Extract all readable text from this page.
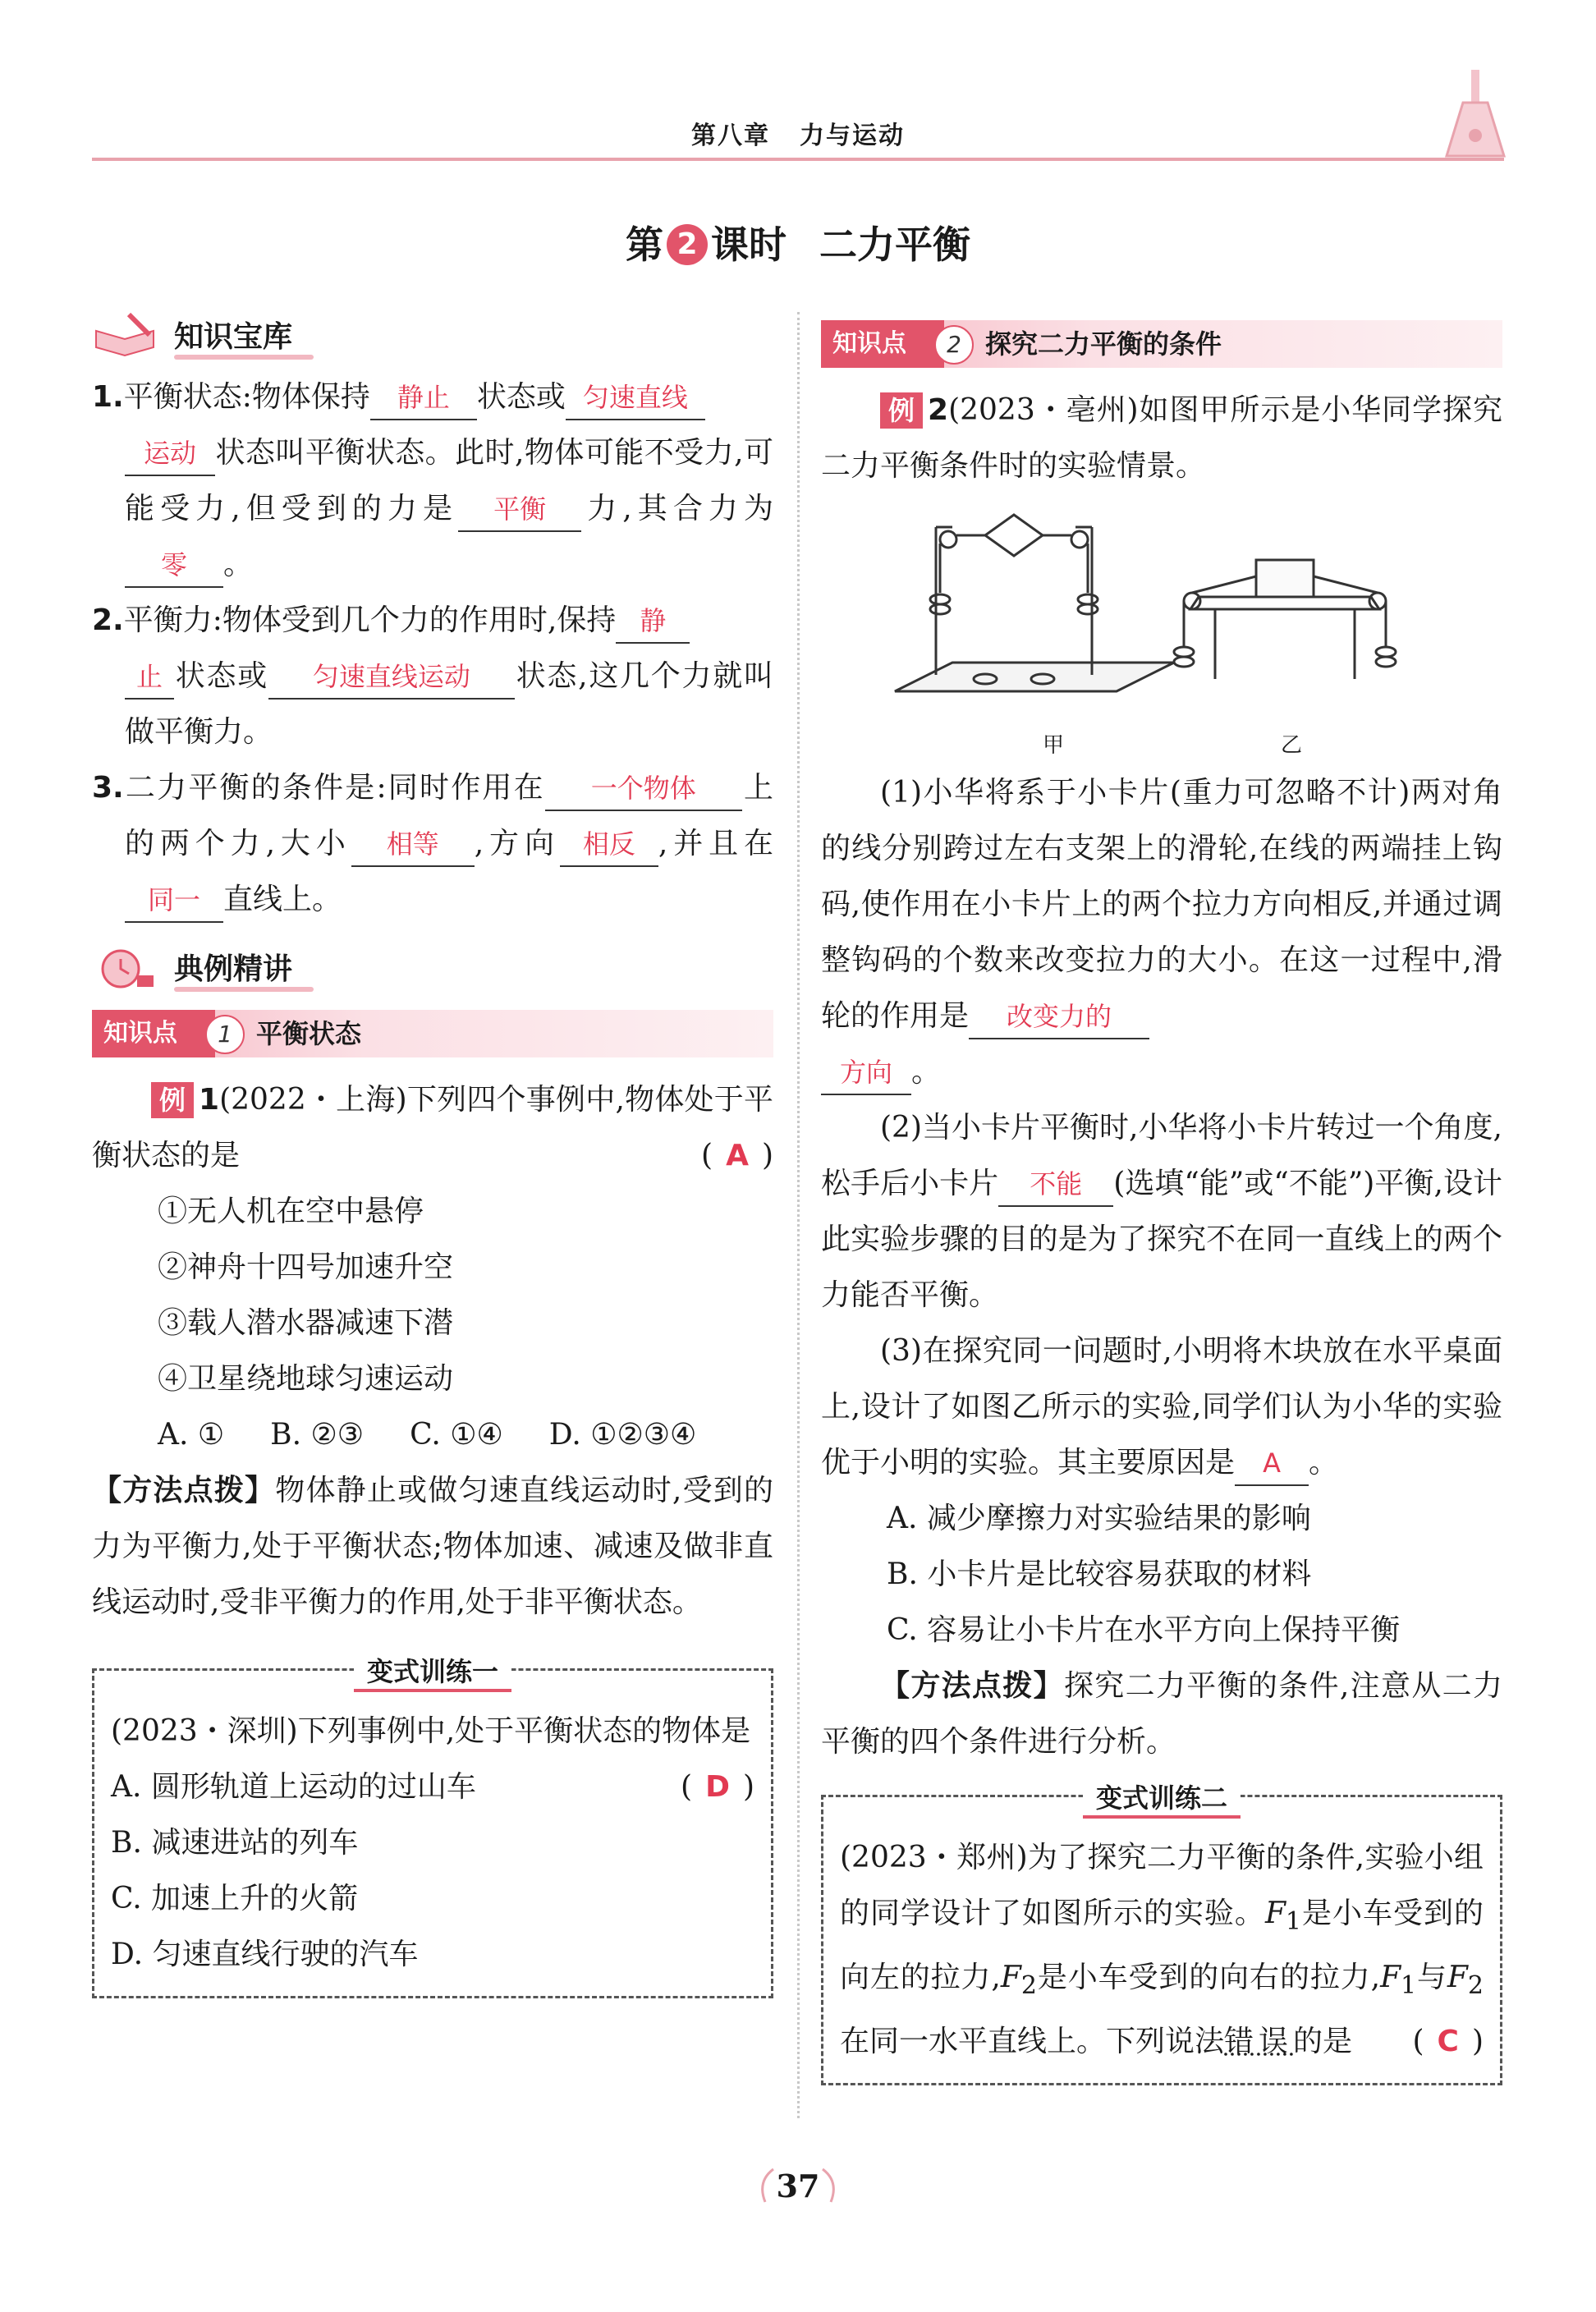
第八章 力与运动
第 2 课时 二力平衡
知识宝库

1.平衡状态:物体保持 静止 状态或 匀速直线
运动 状态叫平衡状态。此时,物体可能不受力,可能受力,但受到的力是 平衡 力,其合力为零 。

2.平衡力:物体受到几个力的作用时,保持 静
止 状态或 匀速直线运动 状态,这几个力就叫做平衡力。

3.二力平衡的条件是:同时作用在 一个物体 上的两个力,大小 相等 ,方向 相反 ,并且在同一 直线上。

典例精讲
知识点	1 平衡状态

例 1(2022・上海)下列四个事例中,物体处于平衡状态的是	( A )

①无人机在空中悬停
②神舟十四号加速升空
③载人潜水器减速下潜
④卫星绕地球匀速运动
A. ① B. ②③ C. ①④ D. ①②③④

【方法点拨】物体静止或做匀速直线运动时,受到的力为平衡力,处于平衡状态;物体加速、减速及做非直线运动时,受非平衡力的作用,处于非平衡状态。

变式训练一

(2023・深圳)下列事例中,处于平衡状态的物体是
( D )

A. 圆形轨道上运动的过山车

B. 减速进站的列车

C. 加速上升的火箭

D. 匀速直线行驶的汽车

知识点	2 探究二力平衡的条件

例 2(2023・亳州)如图甲所示是小华同学探究二力平衡条件时的实验情景。

甲	乙

(1)小华将系于小卡片(重力可忽略不计)两对角的线分别跨过左右支架上的滑轮,在线的两端挂上钩码,使作用在小卡片上的两个拉力方向相反,并通过调整钩码的个数来改变拉力的大小。在这一过程中,滑轮的作用是 改变力的
方向 。

(2)当小卡片平衡时,小华将小卡片转过一个角度,松手后小卡片 不能 (选填“能”或“不能”)平衡,设计此实验步骤的目的是为了探究不在同一直线上的两个力能否平衡。

(3)在探究同一问题时,小明将木块放在水平桌面上,设计了如图乙所示的实验,同学们认为小华的实验优于小明的实验。其主要原因是 A 。

A. 减少摩擦力对实验结果的影响
B. 小卡片是比较容易获取的材料
C. 容易让小卡片在水平方向上保持平衡

【方法点拨】探究二力平衡的条件,注意从二力平衡的四个条件进行分析。

变式训练二

(2023・郑州)为了探究二力平衡的条件,实验小组的同学设计了如图所示的实验。$F_1$是小车受到的向左的拉力$,F_2$是小车受到的向右的拉力$,F_1$与$F_2$在同一水平直线上。下列说法错误的是 ( C )

37
